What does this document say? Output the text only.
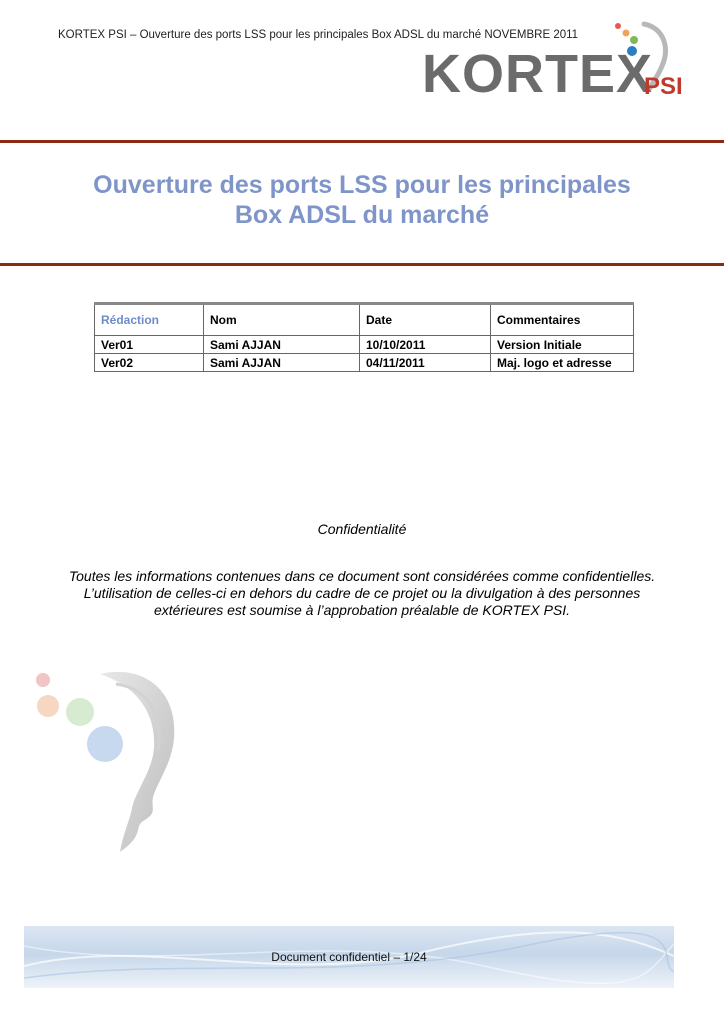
KORTEX PSI – Ouverture des ports LSS pour les principales Box ADSL du marché NOVEMBRE 2011
KORTEX
PSI
Ouverture des ports LSS pour les principales
Box ADSL du marché
Rédaction	Nom	Date	Commentaires
Ver01	Sami AJJAN	10/10/2011	Version Initiale
Ver02	Sami AJJAN	04/11/2011	Maj. logo et adresse
Confidentialité
Toutes les informations contenues dans ce document sont considérées comme confidentielles.
L’utilisation de celles-ci en dehors du cadre de ce projet ou la divulgation à des personnes
extérieures est soumise à l’approbation préalable de KORTEX PSI.
Document confidentiel – 1/24
